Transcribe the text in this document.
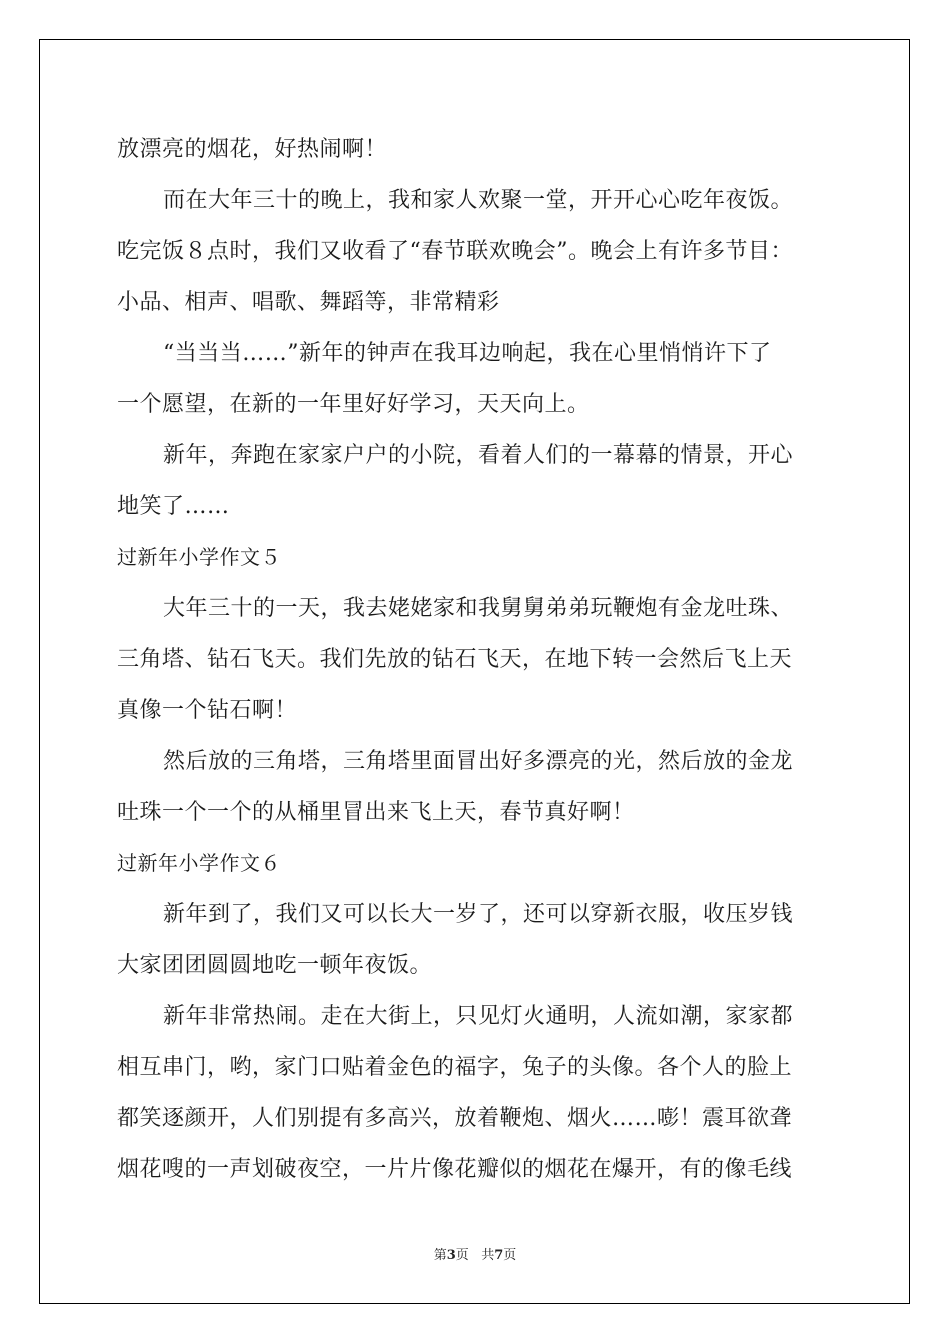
放漂亮的烟花，好热闹啊！
而在大年三十的晚上，我和家人欢聚一堂，开开心心吃年夜饭。
吃完饭８点时，我们又收看了“春节联欢晚会”。晚会上有许多节目：
小品、相声、唱歌、舞蹈等，非常精彩
“当当当……”新年的钟声在我耳边响起，我在心里悄悄许下了
一个愿望，在新的一年里好好学习，天天向上。
新年，奔跑在家家户户的小院，看着人们的一幕幕的情景，开心
地笑了……
过新年小学作文５
大年三十的一天，我去姥姥家和我舅舅弟弟玩鞭炮有金龙吐珠、
三角塔、钻石飞天。我们先放的钻石飞天，在地下转一会然后飞上天
真像一个钻石啊！
然后放的三角塔，三角塔里面冒出好多漂亮的光，然后放的金龙
吐珠一个一个的从桶里冒出来飞上天，春节真好啊！
过新年小学作文６
新年到了，我们又可以长大一岁了，还可以穿新衣服，收压岁钱
大家团团圆圆地吃一顿年夜饭。
新年非常热闹。走在大街上，只见灯火通明，人流如潮，家家都
相互串门，哟，家门口贴着金色的福字，兔子的头像。各个人的脸上
都笑逐颜开，人们别提有多高兴，放着鞭炮、烟火……嘭！震耳欲聋
烟花嗖的一声划破夜空，一片片像花瓣似的烟花在爆开，有的像毛线
第3页 共7页
